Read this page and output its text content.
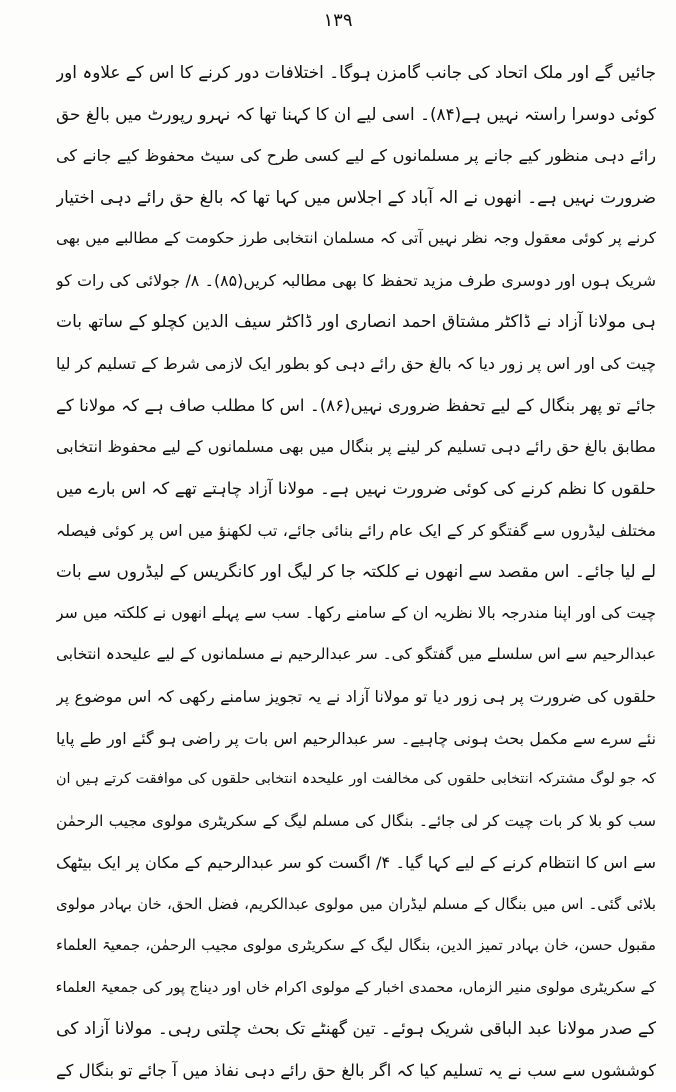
۱۳۹
جائیں گے اور ملک اتحاد کی جانب گامزن ہوگا۔ اختلافات دور کرنے کا اس کے علاوہ اور
کوئی دوسرا راستہ نہیں ہے(۸۴)۔ اسی لیے ان کا کہنا تھا کہ نہرو رپورٹ میں بالغ حق
رائے دہی منظور کیے جانے پر مسلمانوں کے لیے کسی طرح کی سیٹ محفوظ کیے جانے کی
ضرورت نہیں ہے۔ انھوں نے الہ آباد کے اجلاس میں کہا تھا کہ بالغ حق رائے دہی اختیار
کرنے پر کوئی معقول وجہ نظر نہیں آتی کہ مسلمان انتخابی طرز حکومت کے مطالبے میں بھی
شریک ہوں اور دوسری طرف مزید تحفظ کا بھی مطالبہ کریں(۸۵)۔ ۸/ جولائی کی رات کو
ہی مولانا آزاد نے ڈاکٹر مشتاق احمد انصاری اور ڈاکٹر سیف الدین کچلو کے ساتھ بات
چیت کی اور اس پر زور دیا کہ بالغ حق رائے دہی کو بطور ایک لازمی شرط کے تسلیم کر لیا
جائے تو پھر بنگال کے لیے تحفظ ضروری نہیں(۸۶)۔ اس کا مطلب صاف ہے کہ مولانا کے
مطابق بالغ حق رائے دہی تسلیم کر لینے پر بنگال میں بھی مسلمانوں کے لیے محفوظ انتخابی
حلقوں کا نظم کرنے کی کوئی ضرورت نہیں ہے۔ مولانا آزاد چاہتے تھے کہ اس بارے میں
مختلف لیڈروں سے گفتگو کر کے ایک عام رائے بنائی جائے، تب لکھنؤ میں اس پر کوئی فیصلہ
لے لیا جائے۔ اس مقصد سے انھوں نے کلکتہ جا کر لیگ اور کانگریس کے لیڈروں سے بات
چیت کی اور اپنا مندرجہ بالا نظریہ ان کے سامنے رکھا۔ سب سے پہلے انھوں نے کلکتہ میں سر
عبدالرحیم سے اس سلسلے میں گفتگو کی۔ سر عبدالرحیم نے مسلمانوں کے لیے علیحدہ انتخابی
حلقوں کی ضرورت پر ہی زور دیا تو مولانا آزاد نے یہ تجویز سامنے رکھی کہ اس موضوع پر
نئے سرے سے مکمل بحث ہونی چاہیے۔ سر عبدالرحیم اس بات پر راضی ہو گئے اور طے پایا
کہ جو لوگ مشترکہ انتخابی حلقوں کی مخالفت اور علیحدہ انتخابی حلقوں کی موافقت کرتے ہیں ان
سب کو بلا کر بات چیت کر لی جائے۔ بنگال کی مسلم لیگ کے سکریٹری مولوی مجیب الرحمٰن
سے اس کا انتظام کرنے کے لیے کہا گیا۔ ۴/ اگست کو سر عبدالرحیم کے مکان پر ایک بیٹھک
بلائی گئی۔ اس میں بنگال کے مسلم لیڈران میں مولوی عبدالکریم، فضل الحق، خان بہادر مولوی
مقبول حسن، خان بہادر تمیز الدین، بنگال لیگ کے سکریٹری مولوی مجیب الرحمٰن، جمعیۃ العلماء
کے سکریٹری مولوی منیر الزماں، محمدی اخبار کے مولوی اکرام خاں اور دیناج پور کی جمعیۃ العلماء
کے صدر مولانا عبد الباقی شریک ہوئے۔ تین گھنٹے تک بحث چلتی رہی۔ مولانا آزاد کی
کوششوں سے سب نے یہ تسلیم کیا کہ اگر بالغ حق رائے دہی نفاذ میں آ جائے تو بنگال کے
